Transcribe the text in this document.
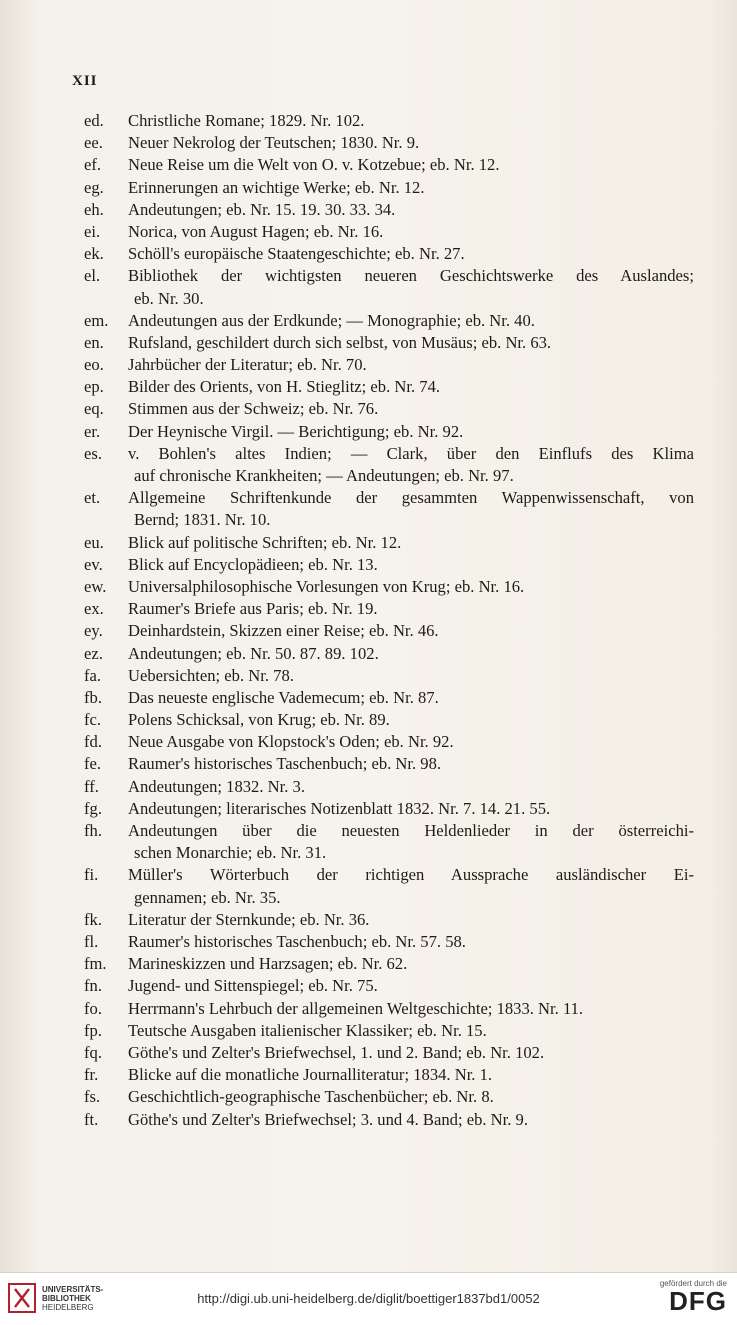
XII
ed.	Christliche Romane; 1829. Nr. 102.
ee.	Neuer Nekrolog der Teutschen; 1830. Nr. 9.
ef.	Neue Reise um die Welt von O. v. Kotzebue; eb. Nr. 12.
eg.	Erinnerungen an wichtige Werke; eb. Nr. 12.
eh.	Andeutungen; eb. Nr. 15. 19. 30. 33. 34.
ei.	Norica, von August Hagen; eb. Nr. 16.
ek.	Schöll's europäische Staatengeschichte; eb. Nr. 27.
el.	Bibliothek der wichtigsten neueren Geschichtswerke des Auslandes;
eb. Nr. 30.
em.	Andeutungen aus der Erdkunde; — Monographie; eb. Nr. 40.
en.	Rufsland, geschildert durch sich selbst, von Musäus; eb. Nr. 63.
eo.	Jahrbücher der Literatur; eb. Nr. 70.
ep.	Bilder des Orients, von H. Stieglitz; eb. Nr. 74.
eq.	Stimmen aus der Schweiz; eb. Nr. 76.
er.	Der Heynische Virgil. — Berichtigung; eb. Nr. 92.
es.	v. Bohlen's altes Indien; — Clark, über den Einflufs des Klima
auf chronische Krankheiten; — Andeutungen; eb. Nr. 97.
et.	Allgemeine Schriftenkunde der gesammten Wappenwissenschaft, von
Bernd; 1831. Nr. 10.
eu.	Blick auf politische Schriften; eb. Nr. 12.
ev.	Blick auf Encyclopädieen; eb. Nr. 13.
ew.	Universalphilosophische Vorlesungen von Krug; eb. Nr. 16.
ex.	Raumer's Briefe aus Paris; eb. Nr. 19.
ey.	Deinhardstein, Skizzen einer Reise; eb. Nr. 46.
ez.	Andeutungen; eb. Nr. 50. 87. 89. 102.
fa.	Uebersichten; eb. Nr. 78.
fb.	Das neueste englische Vademecum; eb. Nr. 87.
fc.	Polens Schicksal, von Krug; eb. Nr. 89.
fd.	Neue Ausgabe von Klopstock's Oden; eb. Nr. 92.
fe.	Raumer's historisches Taschenbuch; eb. Nr. 98.
ff.	Andeutungen; 1832. Nr. 3.
fg.	Andeutungen; literarisches Notizenblatt 1832. Nr. 7. 14. 21. 55.
fh.	Andeutungen über die neuesten Heldenlieder in der österreichi-
schen Monarchie; eb. Nr. 31.
fi.	Müller's Wörterbuch der richtigen Aussprache ausländischer Ei-
gennamen; eb. Nr. 35.
fk.	Literatur der Sternkunde; eb. Nr. 36.
fl.	Raumer's historisches Taschenbuch; eb. Nr. 57. 58.
fm.	Marineskizzen und Harzsagen; eb. Nr. 62.
fn.	Jugend- und Sittenspiegel; eb. Nr. 75.
fo.	Herrmann's Lehrbuch der allgemeinen Weltgeschichte; 1833. Nr. 11.
fp.	Teutsche Ausgaben italienischer Klassiker; eb. Nr. 15.
fq.	Göthe's und Zelter's Briefwechsel, 1. und 2. Band; eb. Nr. 102.
fr.	Blicke auf die monatliche Journalliteratur; 1834. Nr. 1.
fs.	Geschichtlich-geographische Taschenbücher; eb. Nr. 8.
ft.	Göthe's und Zelter's Briefwechsel; 3. und 4. Band; eb. Nr. 9.
UNIVERSITÄTS-
BIBLIOTHEK
HEIDELBERG
http://digi.ub.uni-heidelberg.de/diglit/boettiger1837bd1/0052
gefördert durch die
DFG
